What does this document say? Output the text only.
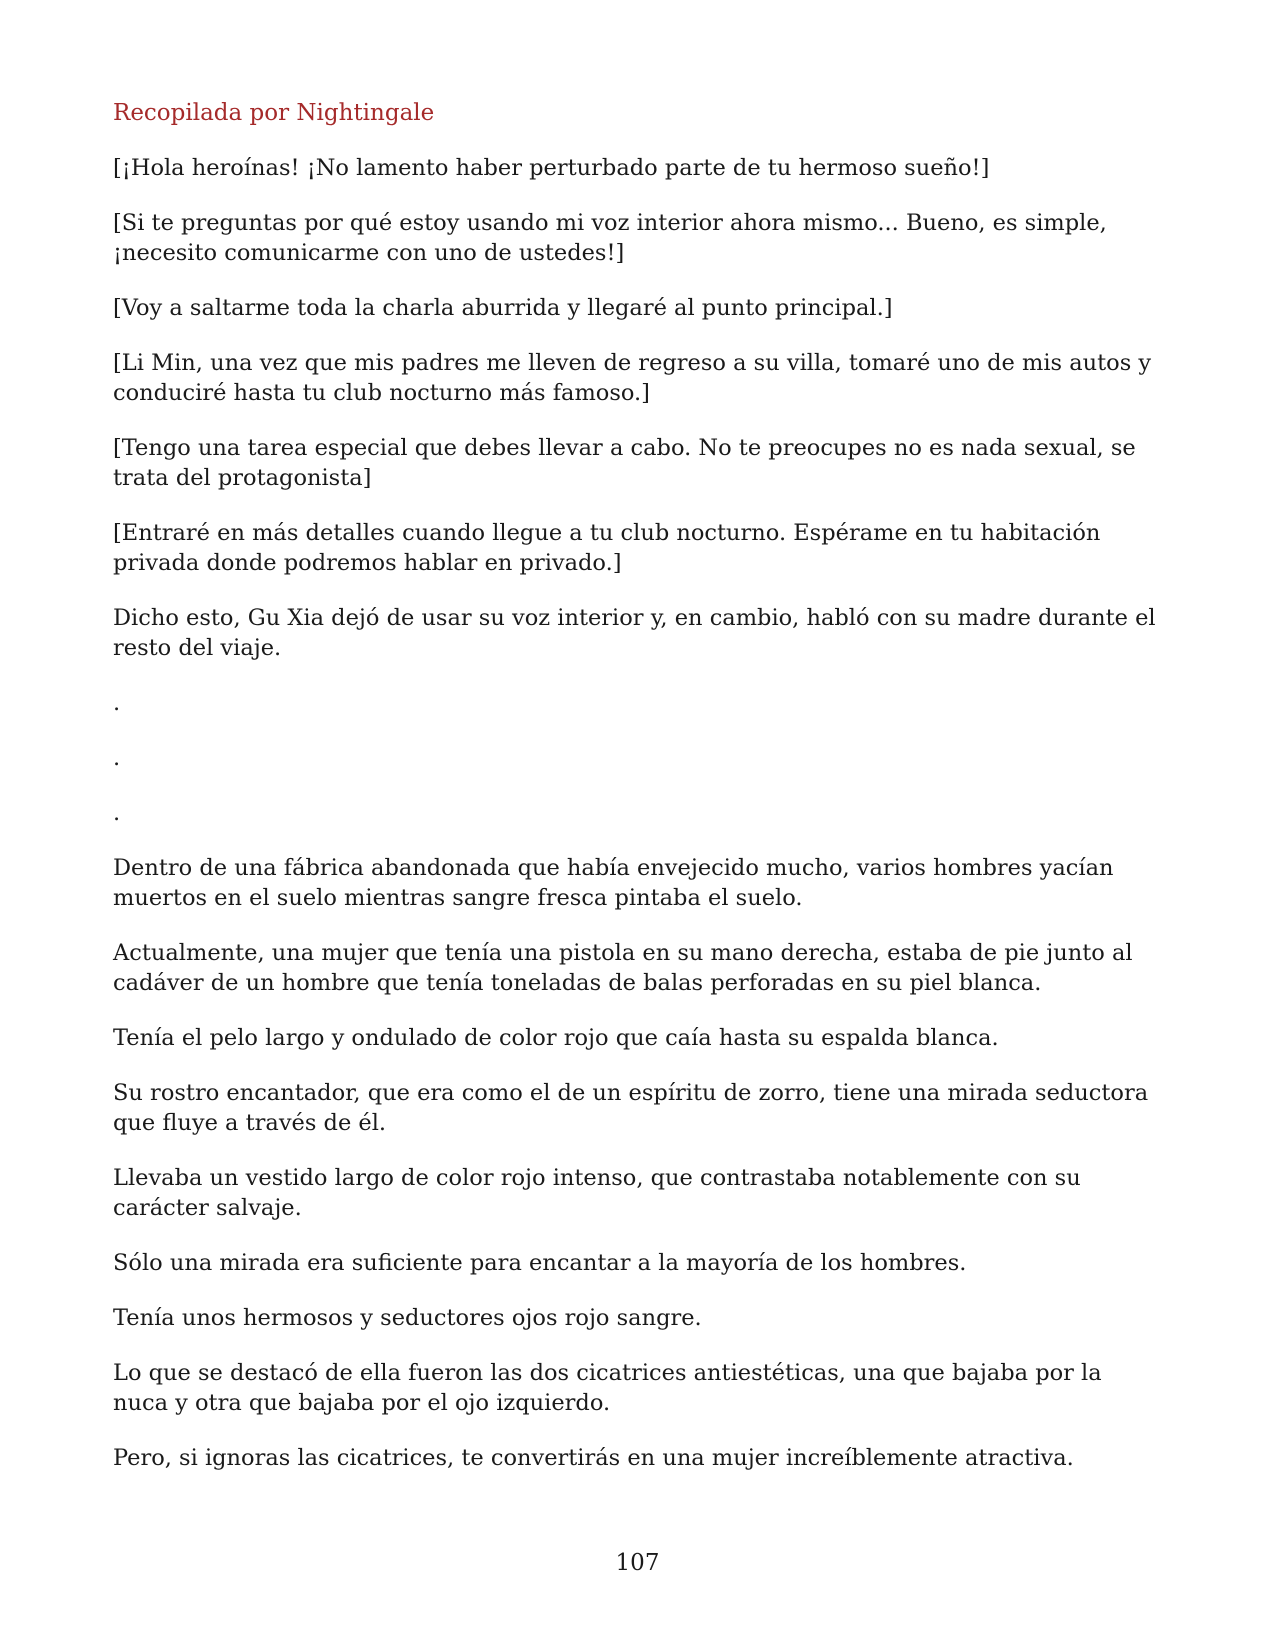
Recopilada por Nightingale

[¡Hola heroínas! ¡No lamento haber perturbado parte de tu hermoso sueño!]

[Si te preguntas por qué estoy usando mi voz interior ahora mismo... Bueno, es simple, ¡necesito comunicarme con uno de ustedes!]

[Voy a saltarme toda la charla aburrida y llegaré al punto principal.]

[Li Min, una vez que mis padres me lleven de regreso a su villa, tomaré uno de mis autos y conduciré hasta tu club nocturno más famoso.]

[Tengo una tarea especial que debes llevar a cabo. No te preocupes no es nada sexual, se trata del protagonista]

[Entraré en más detalles cuando llegue a tu club nocturno. Espérame en tu habitación privada donde podremos hablar en privado.]

Dicho esto, Gu Xia dejó de usar su voz interior y, en cambio, habló con su madre durante el resto del viaje.

.

.

.

Dentro de una fábrica abandonada que había envejecido mucho, varios hombres yacían muertos en el suelo mientras sangre fresca pintaba el suelo.

Actualmente, una mujer que tenía una pistola en su mano derecha, estaba de pie junto al cadáver de un hombre que tenía toneladas de balas perforadas en su piel blanca.

Tenía el pelo largo y ondulado de color rojo que caía hasta su espalda blanca.

Su rostro encantador, que era como el de un espíritu de zorro, tiene una mirada seductora que fluye a través de él.

Llevaba un vestido largo de color rojo intenso, que contrastaba notablemente con su carácter salvaje.

Sólo una mirada era suficiente para encantar a la mayoría de los hombres.

Tenía unos hermosos y seductores ojos rojo sangre.

Lo que se destacó de ella fueron las dos cicatrices antiestéticas, una que bajaba por la nuca y otra que bajaba por el ojo izquierdo.

Pero, si ignoras las cicatrices, te convertirás en una mujer increíblemente atractiva.

107
